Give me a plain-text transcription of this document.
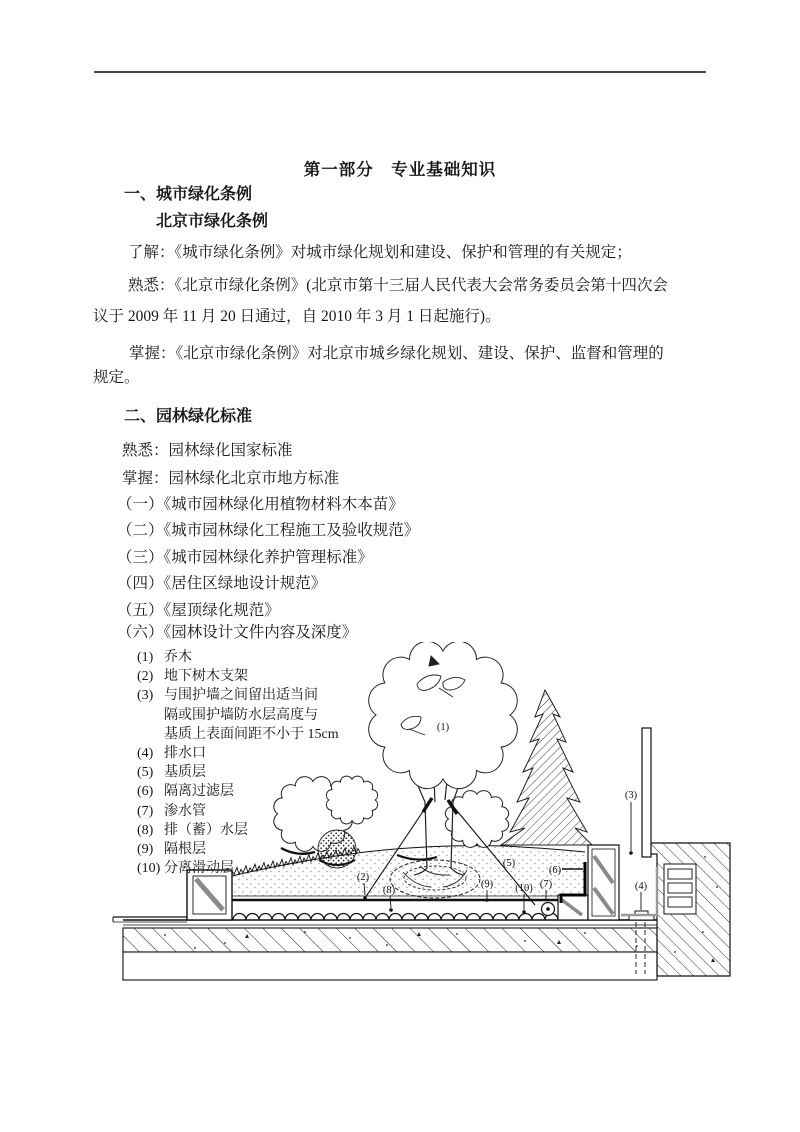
第一部分　专业基础知识
一、城市绿化条例
北京市绿化条例
了解：《城市绿化条例》对城市绿化规划和建设、保护和管理的有关规定；
熟悉：《北京市绿化条例》(北京市第十三届人民代表大会常务委员会第十四次会
议于 2009 年 11 月 20 日通过，自 2010 年 3 月 1 日起施行)。
掌握：《北京市绿化条例》对北京市城乡绿化规划、建设、保护、监督和管理的
规定。
二、园林绿化标准
熟悉：园林绿化国家标准
掌握：园林绿化北京市地方标准
（一）《城市园林绿化用植物材料木本苗》
（二）《城市园林绿化工程施工及验收规范》
（三）《城市园林绿化养护管理标准》
（四）《居住区绿地设计规范》
（五）《屋顶绿化规范》
（六）《园林设计文件内容及深度》
(1) 乔木
(2) 地下树木支架
(3) 与围护墙之间留出适当间
隔或围护墙防水层高度与
基质上表面间距不小于 15cm
(4) 排水口
(5) 基质层
(6) 隔离过滤层
(7) 渗水管
(8) 排（蓄）水层
(9) 隔根层
(10) 分离滑动层
(1)
(2)
(3)
(4)
(5)
(6)
(7)
(8)
(9) (10)
